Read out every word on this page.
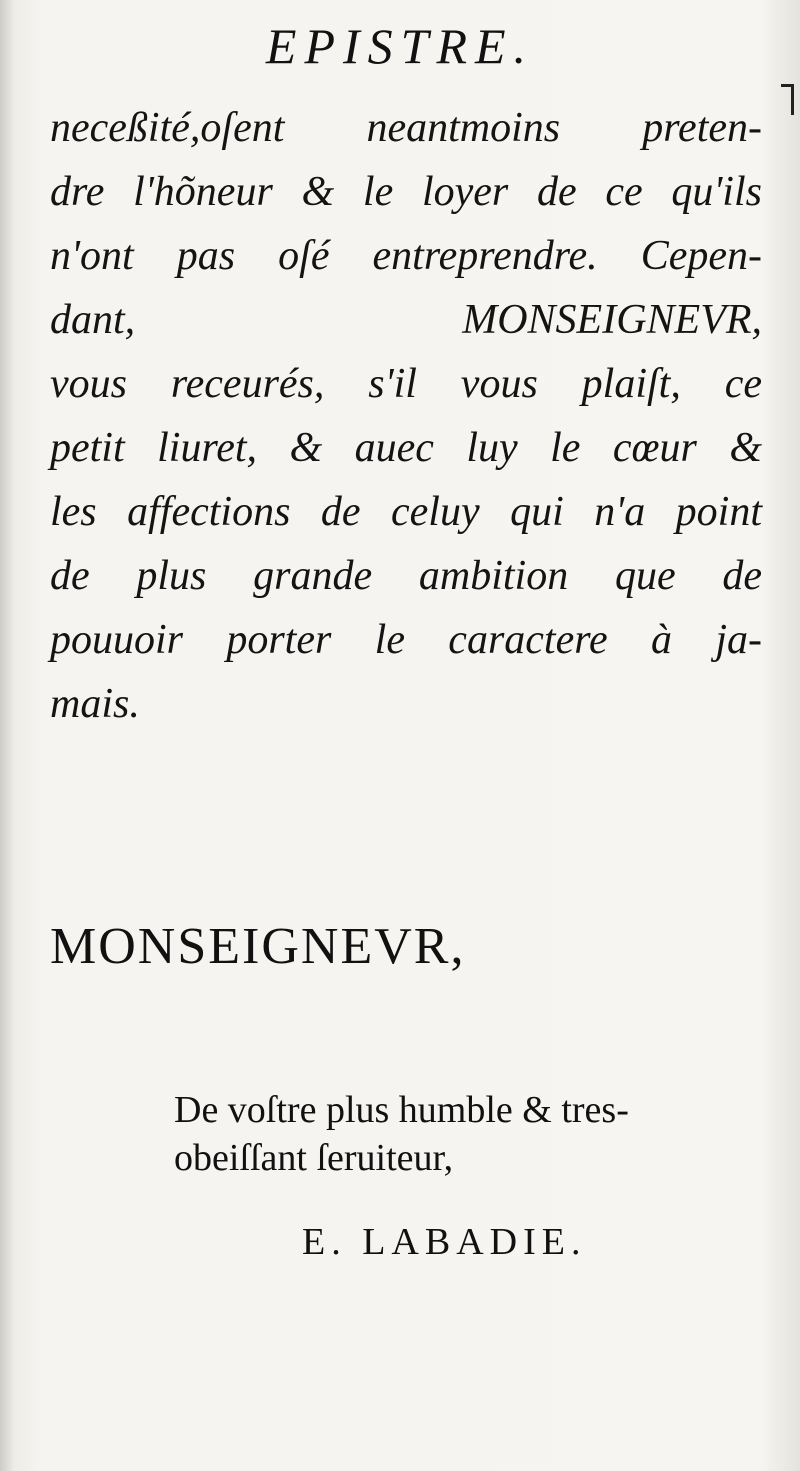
EPISTRE.
neceßité,oſent neantmoins preten-
dre l'hõneur & le loyer de ce qu'ils
n'ont pas oſé entreprendre. Cepen-
dant, MONSEIGNEVR,
vous receurés, s'il vous plaiſt, ce
petit liuret, & auec luy le cœur &
les affections de celuy qui n'a point
de plus grande ambition que de
pouuoir porter le caractere à ja-
mais.
MONSEIGNEVR,
De voſtre plus humble & tres-
obeiſſant ſeruiteur,
E. LABADIE.
